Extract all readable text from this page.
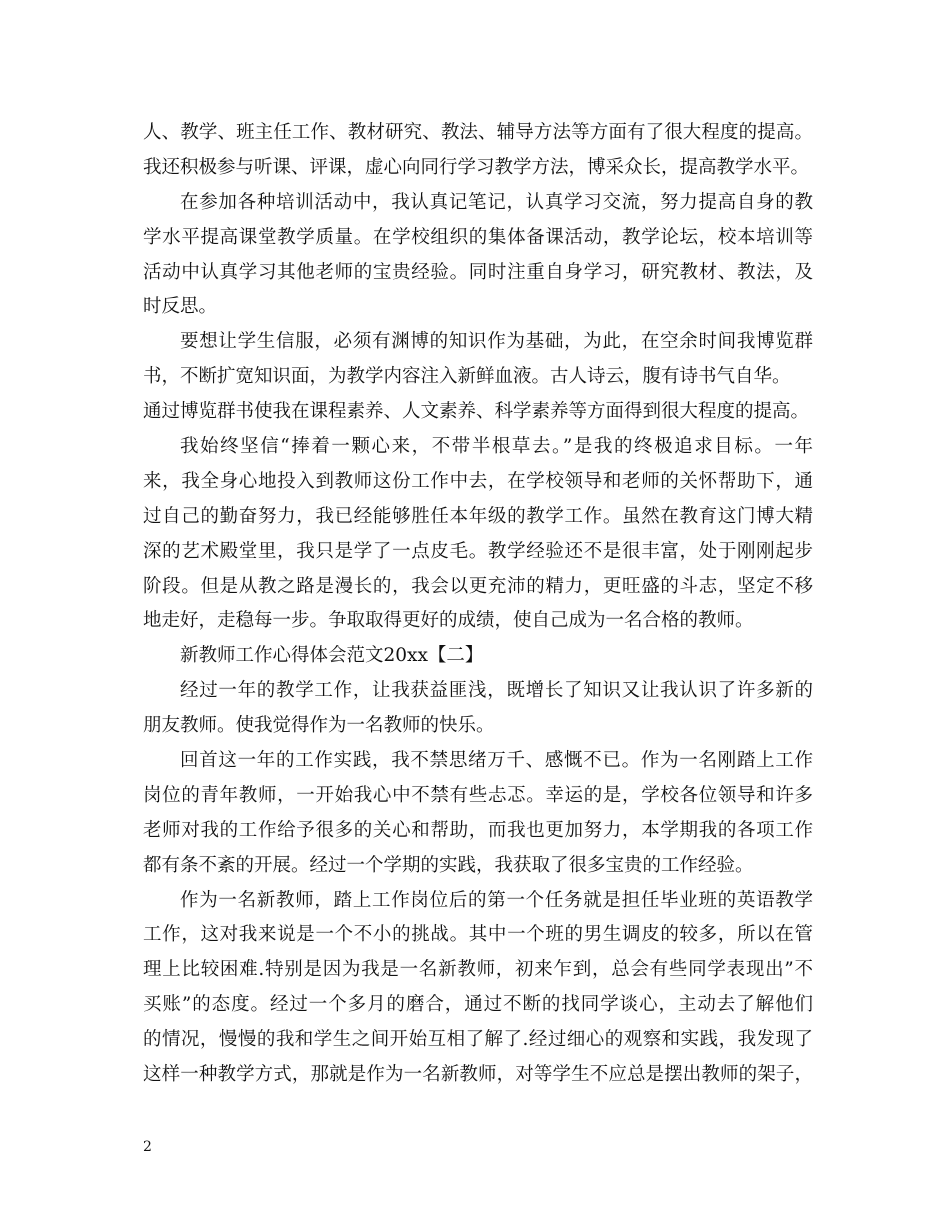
人、教学、班主任工作、教材研究、教法、辅导方法等方面有了很大程度的提高。
我还积极参与听课、评课，虚心向同行学习教学方法，博采众长，提高教学水平。
在参加各种培训活动中，我认真记笔记，认真学习交流，努力提高自身的教
学水平提高课堂教学质量。在学校组织的集体备课活动，教学论坛，校本培训等
活动中认真学习其他老师的宝贵经验。同时注重自身学习，研究教材、教法，及
时反思。
要想让学生信服，必须有渊博的知识作为基础，为此，在空余时间我博览群
书，不断扩宽知识面，为教学内容注入新鲜血液。古人诗云，腹有诗书气自华。
通过博览群书使我在课程素养、人文素养、科学素养等方面得到很大程度的提高。
我始终坚信“捧着一颗心来，不带半根草去。”是我的终极追求目标。一年
来，我全身心地投入到教师这份工作中去，在学校领导和老师的关怀帮助下，通
过自己的勤奋努力，我已经能够胜任本年级的教学工作。虽然在教育这门博大精
深的艺术殿堂里，我只是学了一点皮毛。教学经验还不是很丰富，处于刚刚起步
阶段。但是从教之路是漫长的，我会以更充沛的精力，更旺盛的斗志，坚定不移
地走好，走稳每一步。争取取得更好的成绩，使自己成为一名合格的教师。
新教师工作心得体会范文20xx【二】
经过一年的教学工作，让我获益匪浅，既增长了知识又让我认识了许多新的
朋友教师。使我觉得作为一名教师的快乐。
回首这一年的工作实践，我不禁思绪万千、感慨不已。作为一名刚踏上工作
岗位的青年教师，一开始我心中不禁有些忐忑。幸运的是，学校各位领导和许多
老师对我的工作给予很多的关心和帮助，而我也更加努力，本学期我的各项工作
都有条不紊的开展。经过一个学期的实践，我获取了很多宝贵的工作经验。
作为一名新教师，踏上工作岗位后的第一个任务就是担任毕业班的英语教学
工作，这对我来说是一个不小的挑战。其中一个班的男生调皮的较多，所以在管
理上比较困难.特别是因为我是一名新教师，初来乍到，总会有些同学表现出”不
买账”的态度。经过一个多月的磨合，通过不断的找同学谈心，主动去了解他们
的情况，慢慢的我和学生之间开始互相了解了.经过细心的观察和实践，我发现了
这样一种教学方式，那就是作为一名新教师，对等学生不应总是摆出教师的架子，
2
